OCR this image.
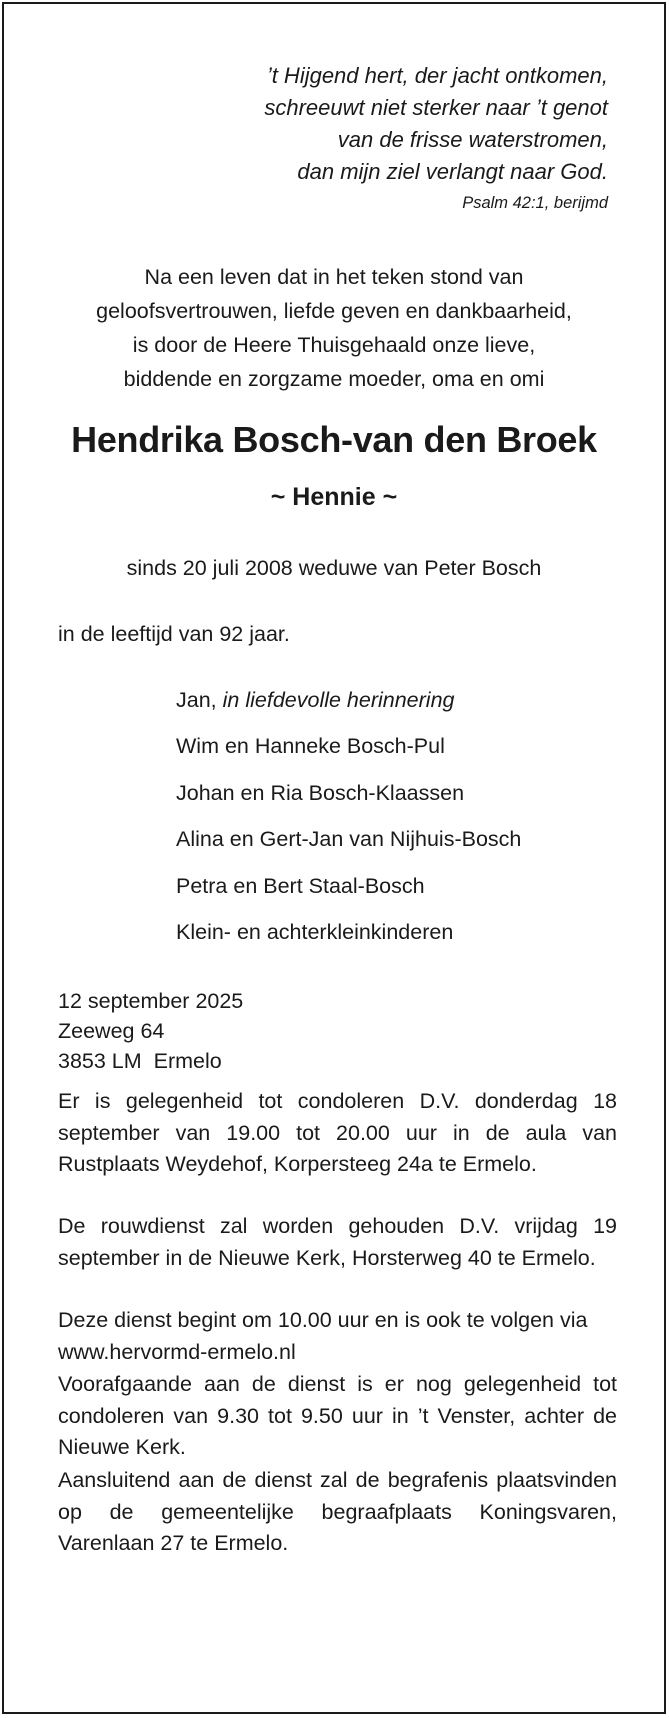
’t Hijgend hert, der jacht ontkomen,
schreeuwt niet sterker naar ’t genot
van de frisse waterstromen,
dan mijn ziel verlangt naar God.
Psalm 42:1, berijmd
Na een leven dat in het teken stond van
geloofsvertrouwen, liefde geven en dankbaarheid,
is door de Heere Thuisgehaald onze lieve,
biddende en zorgzame moeder, oma en omi
Hendrika Bosch-van den Broek
~ Hennie ~
sinds 20 juli 2008 weduwe van Peter Bosch
in de leeftijd van 92 jaar.
Jan, in liefdevolle herinnering
Wim en Hanneke Bosch-Pul
Johan en Ria Bosch-Klaassen
Alina en Gert-Jan van Nijhuis-Bosch
Petra en Bert Staal-Bosch
Klein- en achterkleinkinderen
12 september 2025
Zeeweg 64
3853 LM  Ermelo
Er is gelegenheid tot condoleren D.V. donderdag 18 september van 19.00 tot 20.00 uur in de aula van Rustplaats Weydehof, Korpersteeg 24a te Ermelo.
De rouwdienst zal worden gehouden D.V. vrijdag 19 september in de Nieuwe Kerk, Horsterweg 40 te Ermelo.
Deze dienst begint om 10.00 uur en is ook te volgen via www.hervormd-ermelo.nl
Voorafgaande aan de dienst is er nog gelegenheid tot condoleren van 9.30 tot 9.50 uur in ’t Venster, achter de Nieuwe Kerk.
Aansluitend aan de dienst zal de begrafenis plaatsvinden op de gemeentelijke begraafplaats Koningsvaren, Varenlaan 27 te Ermelo.
